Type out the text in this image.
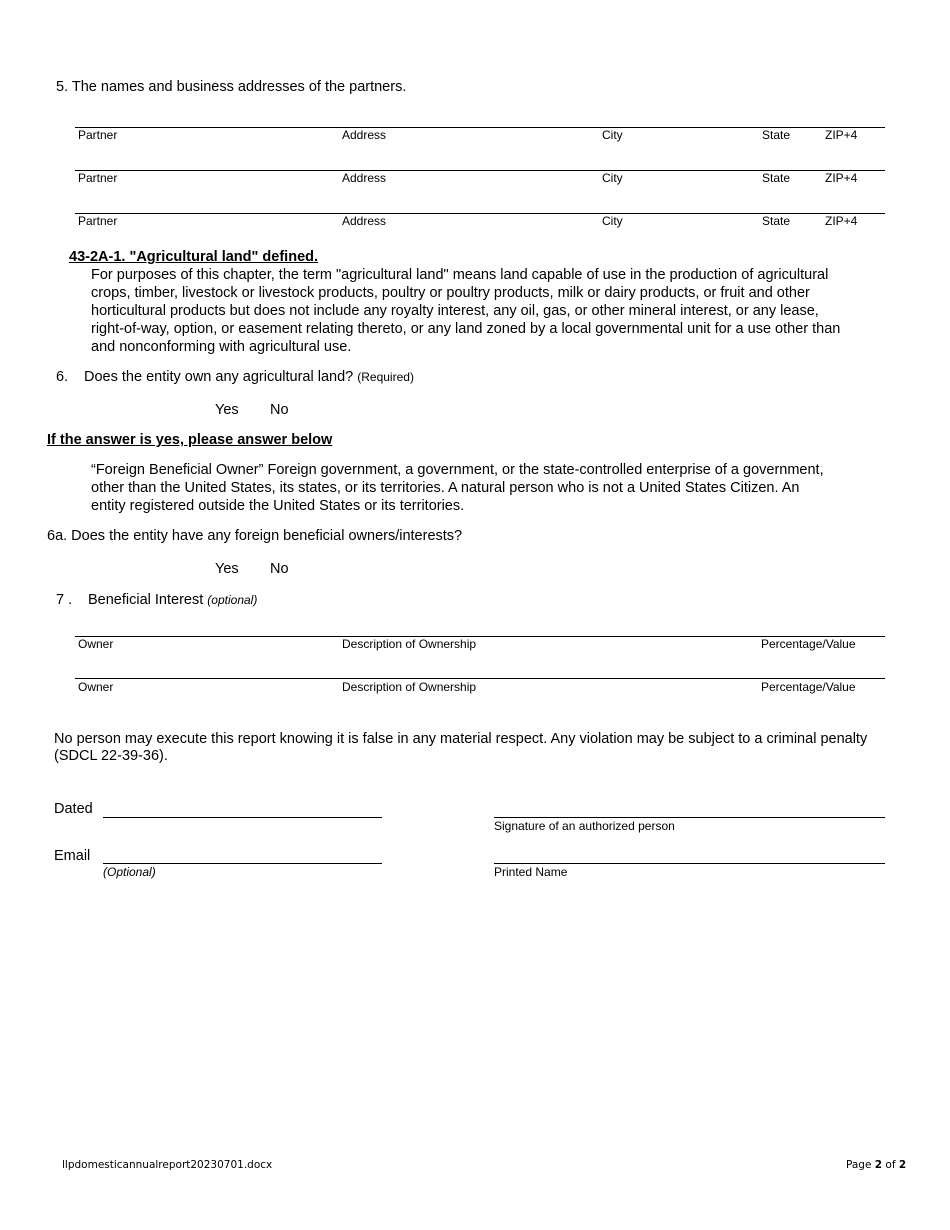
5. The names and business addresses of the partners.
Partner	Address	City	State	ZIP+4
Partner	Address	City	State	ZIP+4
Partner	Address	City	State	ZIP+4
43-2A-1. "Agricultural land" defined.
For purposes of this chapter, the term "agricultural land" means land capable of use in the production of agricultural crops, timber, livestock or livestock products, poultry or poultry products, milk or dairy products, or fruit and other horticultural products but does not include any royalty interest, any oil, gas, or other mineral interest, or any lease, right-of-way, option, or easement relating thereto, or any land zoned by a local governmental unit for a use other than and nonconforming with agricultural use.
6. Does the entity own any agricultural land? (Required)
Yes No
If the answer is yes, please answer below
“Foreign Beneficial Owner” Foreign government, a government, or the state-controlled enterprise of a government, other than the United States, its states, or its territories. A natural person who is not a United States Citizen. An entity registered outside the United States or its territories.
6a. Does the entity have any foreign beneficial owners/interests?
Yes No
7 . Beneficial Interest (optional)
Owner	Description of Ownership	Percentage/Value
Owner	Description of Ownership	Percentage/Value
No person may execute this report knowing it is false in any material respect. Any violation may be subject to a criminal penalty (SDCL 22-39-36).
Dated
Signature of an authorized person
Email
(Optional)	Printed Name
llpdomesticannualreport20230701.docx	Page 2 of 2
